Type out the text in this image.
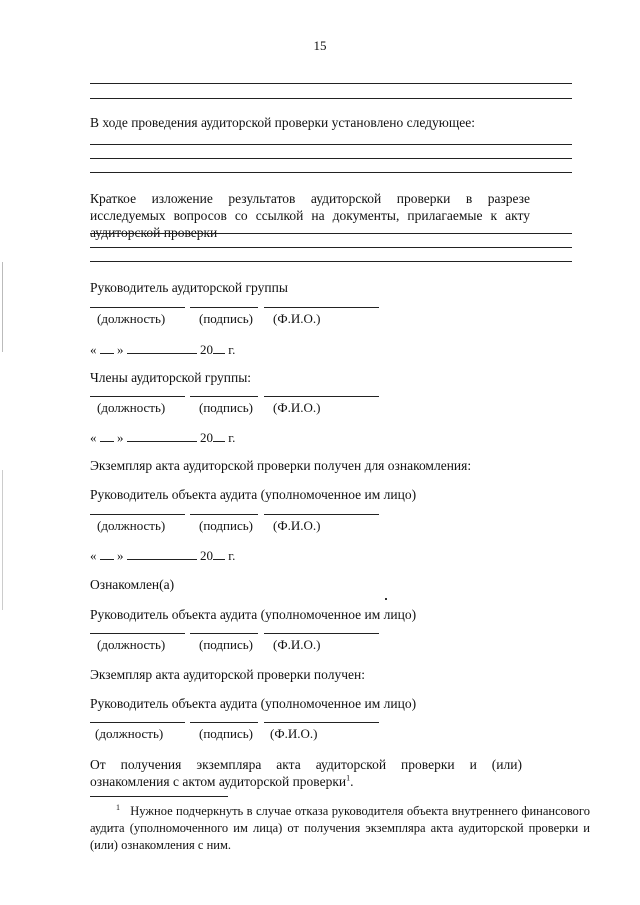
15
В ходе проведения аудиторской проверки установлено следующее:
Краткое изложение результатов аудиторской проверки в разрезе исследуемых вопросов со ссылкой на документы, прилагаемые к акту аудиторской проверки
Руководитель аудиторской группы
(должность)	(подпись) (Ф.И.О.)
« »	20 г.
Члены аудиторской группы:
(должность)	(подпись) (Ф.И.О.)
« »	20 г.
Экземпляр акта аудиторской проверки получен для ознакомления:
Руководитель объекта аудита (уполномоченное им лицо)
(должность)	(подпись) (Ф.И.О.)
« »	20 г.
Ознакомлен(а)
Руководитель объекта аудита (уполномоченное им лицо)
(должность)	(подпись) (Ф.И.О.)
Экземпляр акта аудиторской проверки получен:
Руководитель объекта аудита (уполномоченное им лицо)
(должность)	(подпись) (Ф.И.О.)
От получения экземпляра акта аудиторской проверки и (или) ознакомления с актом аудиторской проверки$^1$.
$^1$ Нужное подчеркнуть в случае отказа руководителя объекта внутреннего финансового аудита (уполномоченного им лица) от получения экземпляра акта аудиторской проверки и (или) ознакомления с ним.
